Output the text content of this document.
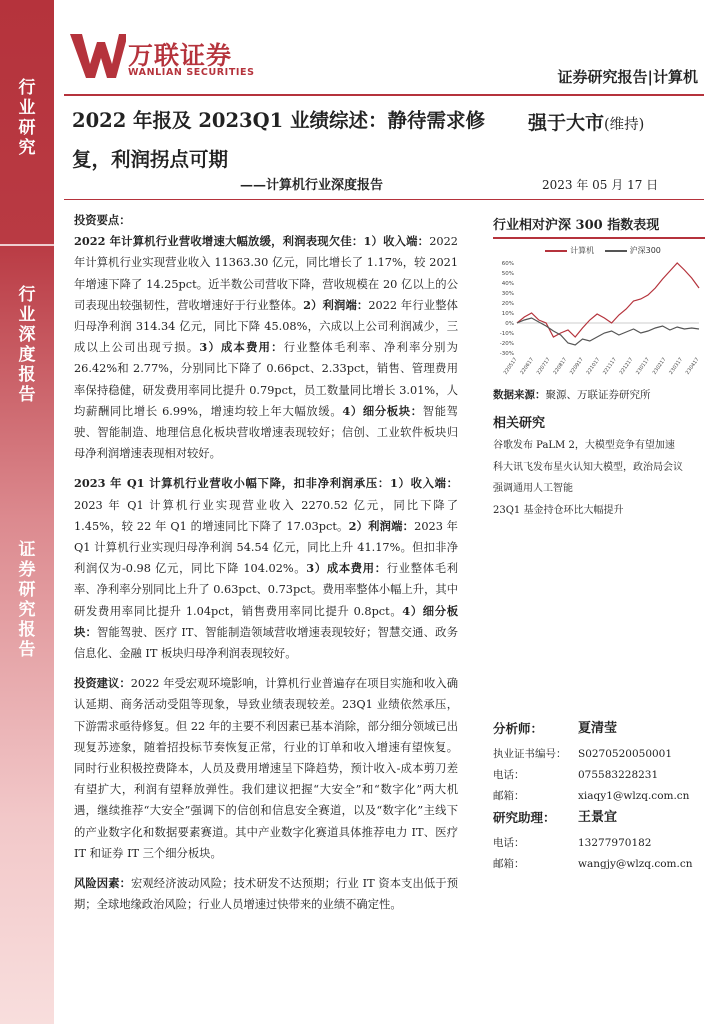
行
业
研
究
行
业
深
度
报
告
证
券
研
究
报
告
万联证券
WANLIAN SECURITIES	证券研究报告|计算机
2022 年报及 2023Q1 业绩综述：静待需求修复，利润拐点可期
——计算机行业深度报告
强于大市(维持)
2023 年 05 月 17 日

投资要点：

2022 年计算机行业营收增速大幅放缓，利润表现欠佳：1）收入端：2022 年计算机行业实现营业收入 11363.30 亿元，同比增长了 1.17%，较 2021 年增速下降了 14.25pct。近半数公司营收下降，营收规模在 20 亿以上的公司表现出较强韧性，营收增速好于行业整体。2）利润端：2022 年行业整体归母净利润 314.34 亿元，同比下降 45.08%，六成以上公司利润减少，三成以上公司出现亏损。3）成本费用：行业整体毛利率、净利率分别为 26.42%和 2.77%，分别同比下降了 0.66pct、2.33pct，销售、管理费用率保持稳健，研发费用率同比提升 0.79pct，员工数量同比增长 3.01%，人均薪酬同比增长 6.99%，增速均较上年大幅放缓。4）细分板块：智能驾驶、智能制造、地理信息化板块营收增速表现较好；信创、工业软件板块归母净利润增速表现相对较好。

2023 年 Q1 计算机行业营收小幅下降，扣非净利润承压：1）收入端：2023 年 Q1 计算机行业实现营业收入 2270.52 亿元，同比下降了 1.45%，较 22 年 Q1 的增速同比下降了 17.03pct。2）利润端：2023 年 Q1 计算机行业实现归母净利润 54.54 亿元，同比上升 41.17%。但扣非净利润仅为-0.98 亿元，同比下降 104.02%。3）成本费用：行业整体毛利率、净利率分别同比上升了 0.63pct、0.73pct。费用率整体小幅上升，其中研发费用率同比提升 1.04pct，销售费用率同比提升 0.8pct。4）细分板块：智能驾驶、医疗 IT、智能制造领域营收增速表现较好；智慧交通、政务信息化、金融 IT 板块归母净利润表现较好。

投资建议：2022 年受宏观环境影响，计算机行业普遍存在项目实施和收入确认延期、商务活动受阻等现象，导致业绩表现较差。23Q1 业绩依然承压，下游需求亟待修复。但 22 年的主要不利因素已基本消除，部分细分领域已出现复苏迹象，随着招投标节奏恢复正常，行业的订单和收入增速有望恢复。同时行业积极控费降本，人员及费用增速呈下降趋势，预计收入-成本剪刀差有望扩大，利润有望释放弹性。我们建议把握“大安全”和“数字化”两大机遇，继续推荐“大安全”强调下的信创和信息安全赛道，以及“数字化”主线下的产业数字化和数据要素赛道。其中产业数字化赛道具体推荐电力 IT、医疗 IT 和证券 IT 三个细分板块。

风险因素：宏观经济波动风险；技术研发不达预期；行业 IT 资本支出低于预期；全球地缘政治风险；行业人员增速过快带来的业绩不确定性。

行业相对沪深 300 指数表现
计算机	沪深300
60%
50%
40%
30%
20%
10%
0%
-10%
-20%
-30%
220517 220617 220717 220817 220917 221017 221117 221217 230117 230217 230317 230417
数据来源：聚源、万联证券研究所
相关研究
谷歌发布 PaLM 2，大模型竞争有望加速
科大讯飞发布星火认知大模型，政治局会议
强调通用人工智能
23Q1 基金持仓环比大幅提升
分析师：	夏清莹
执业证书编号： S0270520050001
电话：	075583228231
邮箱：	xiaqy1@wlzq.com.cn
研究助理： 王景宜
电话：	13277970182
邮箱：	wangjy@wlzq.com.cn
